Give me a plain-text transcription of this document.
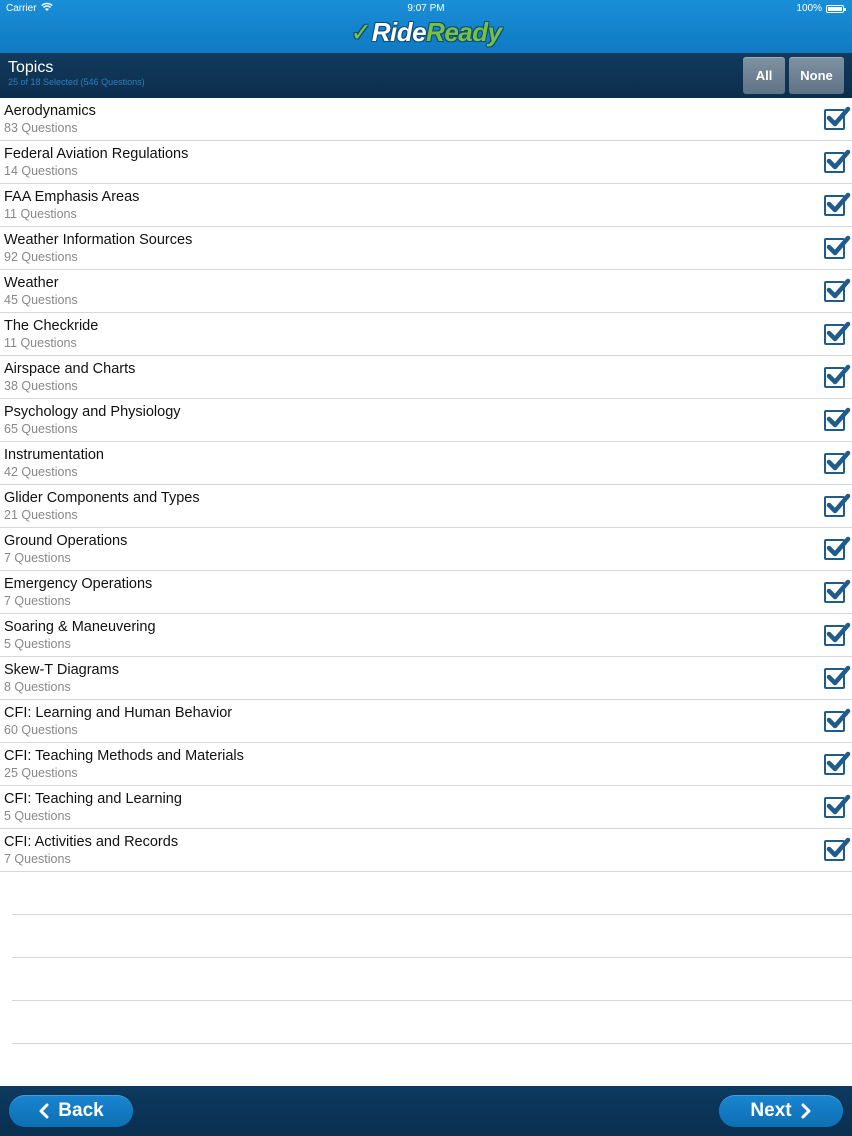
Carrier	9:07 PM	100%
✓RideReady
Topics
25 of 18 Selected (546 Questions)	All	None
Aerodynamics
83 Questions
Federal Aviation Regulations
14 Questions
FAA Emphasis Areas
11 Questions
Weather Information Sources
92 Questions
Weather
45 Questions
The Checkride
11 Questions
Airspace and Charts
38 Questions
Psychology and Physiology
65 Questions
Instrumentation
42 Questions
Glider Components and Types
21 Questions
Ground Operations
7 Questions
Emergency Operations
7 Questions
Soaring & Maneuvering
5 Questions
Skew-T Diagrams
8 Questions
CFI: Learning and Human Behavior
60 Questions
CFI: Teaching Methods and Materials
25 Questions
CFI: Teaching and Learning
5 Questions
CFI: Activities and Records
7 Questions
Back	Next
